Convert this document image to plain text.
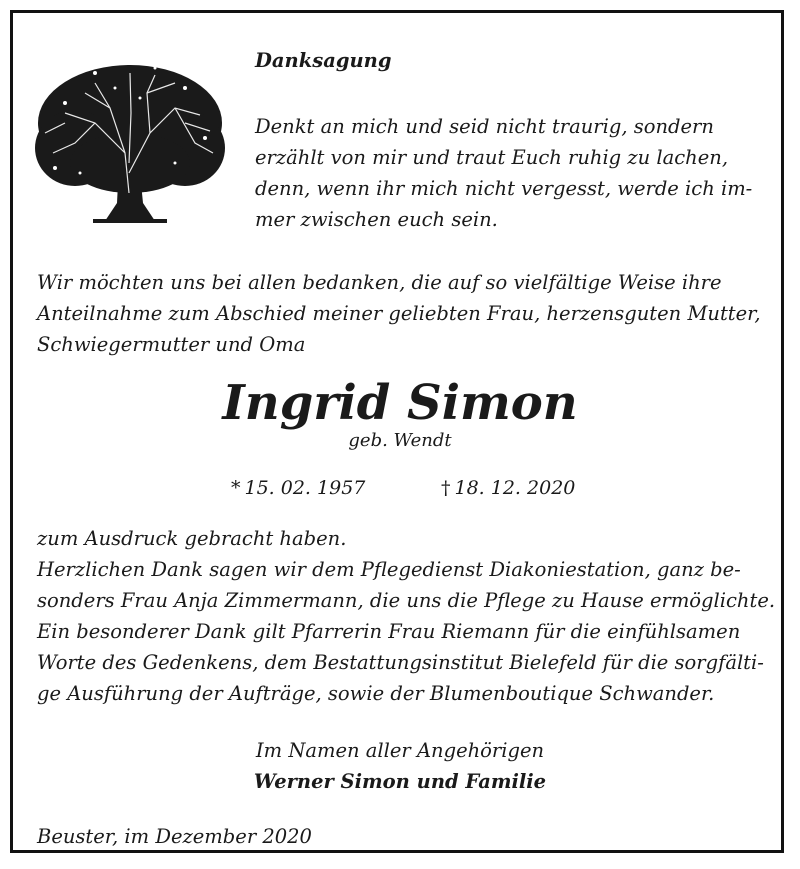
Danksagung

Denkt an mich und seid nicht traurig, sondern
erzählt von mir und traut Euch ruhig zu lachen,
denn, wenn ihr mich nicht vergesst, werde ich im-
mer zwischen euch sein.
Wir möchten uns bei allen bedanken, die auf so vielfältige Weise ihre
Anteilnahme zum Abschied meiner geliebten Frau, herzensguten Mutter,
Schwiegermutter und Oma

Ingrid Simon

geb. Wendt

* 15. 02. 1957	† 18. 12. 2020

zum Ausdruck gebracht haben.
Herzlichen Dank sagen wir dem Pflegedienst Diakoniestation, ganz be-
sonders Frau Anja Zimmermann, die uns die Pflege zu Hause ermöglichte.
Ein besonderer Dank gilt Pfarrerin Frau Riemann für die einfühlsamen
Worte des Gedenkens, dem Bestattungsinstitut Bielefeld für die sorgfälti-
ge Ausführung der Aufträge, sowie der Blumenboutique Schwander.

Im Namen aller Angehörigen

Werner Simon und Familie

Beuster, im Dezember 2020
